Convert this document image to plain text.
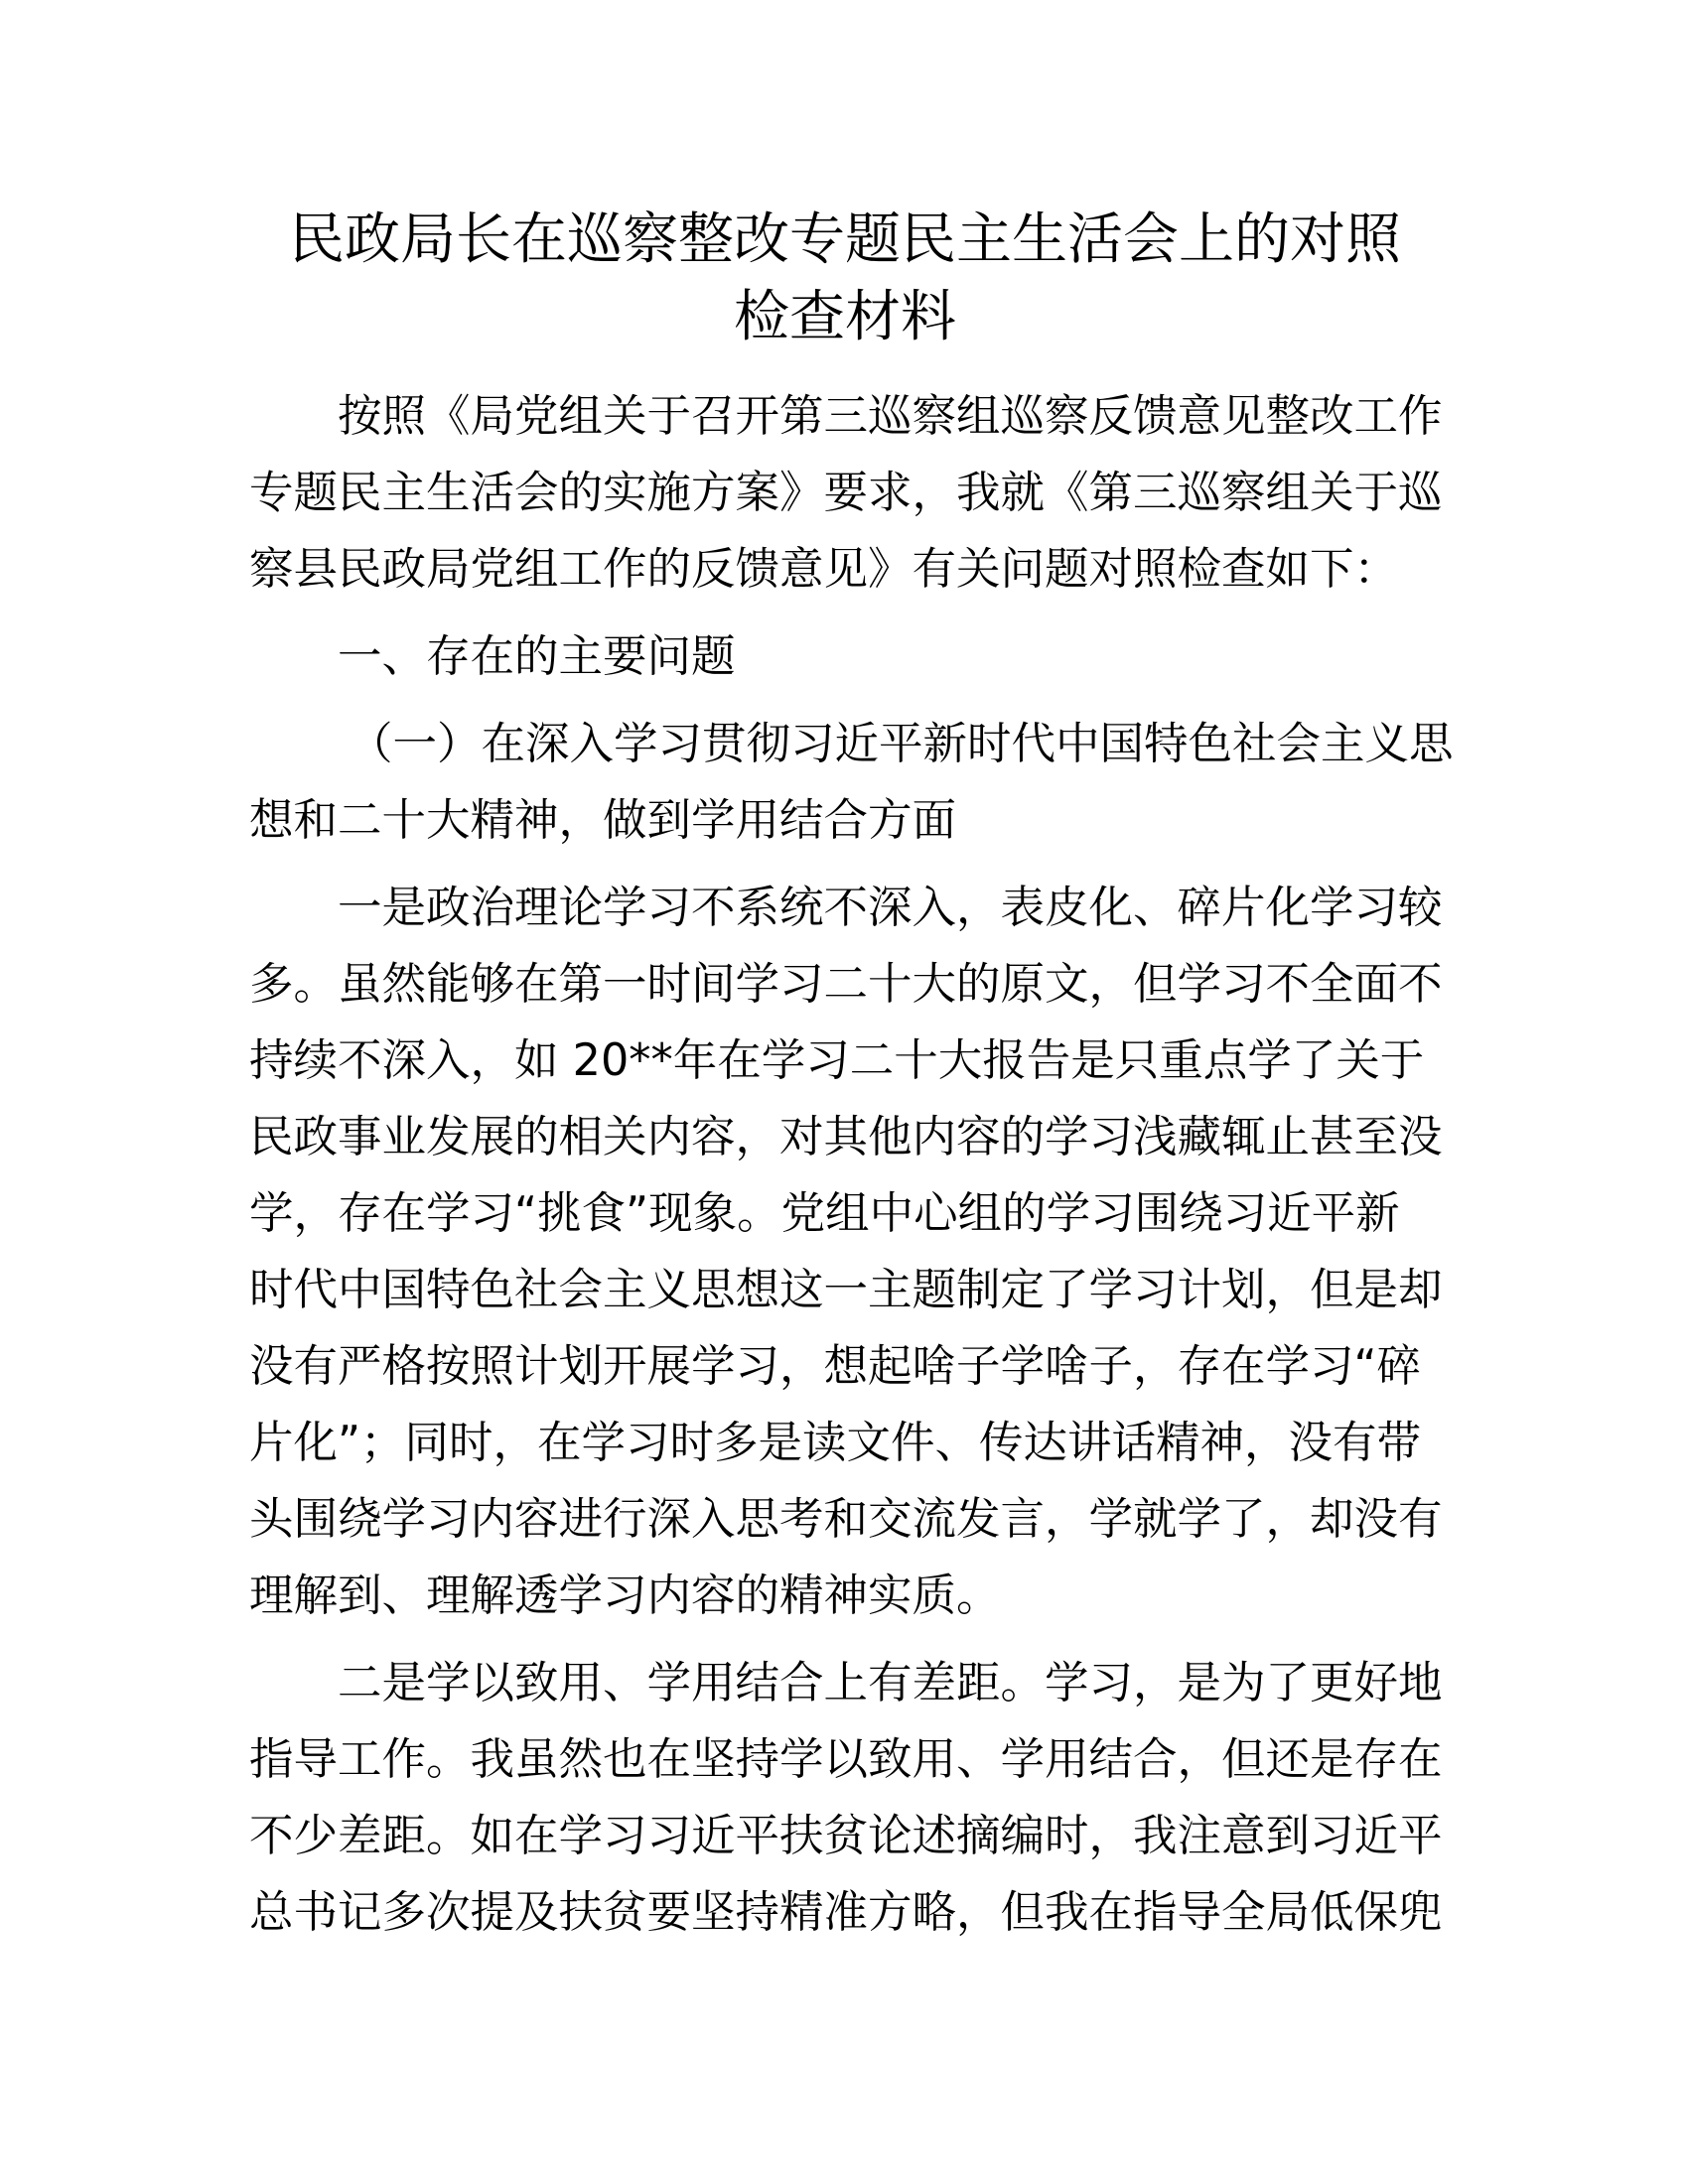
民政局长在巡察整改专题民主生活会上的对照
检查材料
按照《局党组关于召开第三巡察组巡察反馈意见整改工作
专题民主生活会的实施方案》要求，我就《第三巡察组关于巡
察县民政局党组工作的反馈意见》有关问题对照检查如下：
一、存在的主要问题
（一）在深入学习贯彻习近平新时代中国特色社会主义思
想和二十大精神，做到学用结合方面
一是政治理论学习不系统不深入，表皮化、碎片化学习较
多。虽然能够在第一时间学习二十大的原文，但学习不全面不
持续不深入，如 20**年在学习二十大报告是只重点学了关于
民政事业发展的相关内容，对其他内容的学习浅藏辄止甚至没
学，存在学习“挑食”现象。党组中心组的学习围绕习近平新
时代中国特色社会主义思想这一主题制定了学习计划，但是却
没有严格按照计划开展学习，想起啥子学啥子，存在学习“碎
片化”；同时，在学习时多是读文件、传达讲话精神，没有带
头围绕学习内容进行深入思考和交流发言，学就学了，却没有
理解到、理解透学习内容的精神实质。
二是学以致用、学用结合上有差距。学习，是为了更好地
指导工作。我虽然也在坚持学以致用、学用结合，但还是存在
不少差距。如在学习习近平扶贫论述摘编时，我注意到习近平
总书记多次提及扶贫要坚持精准方略，但我在指导全局低保兜
